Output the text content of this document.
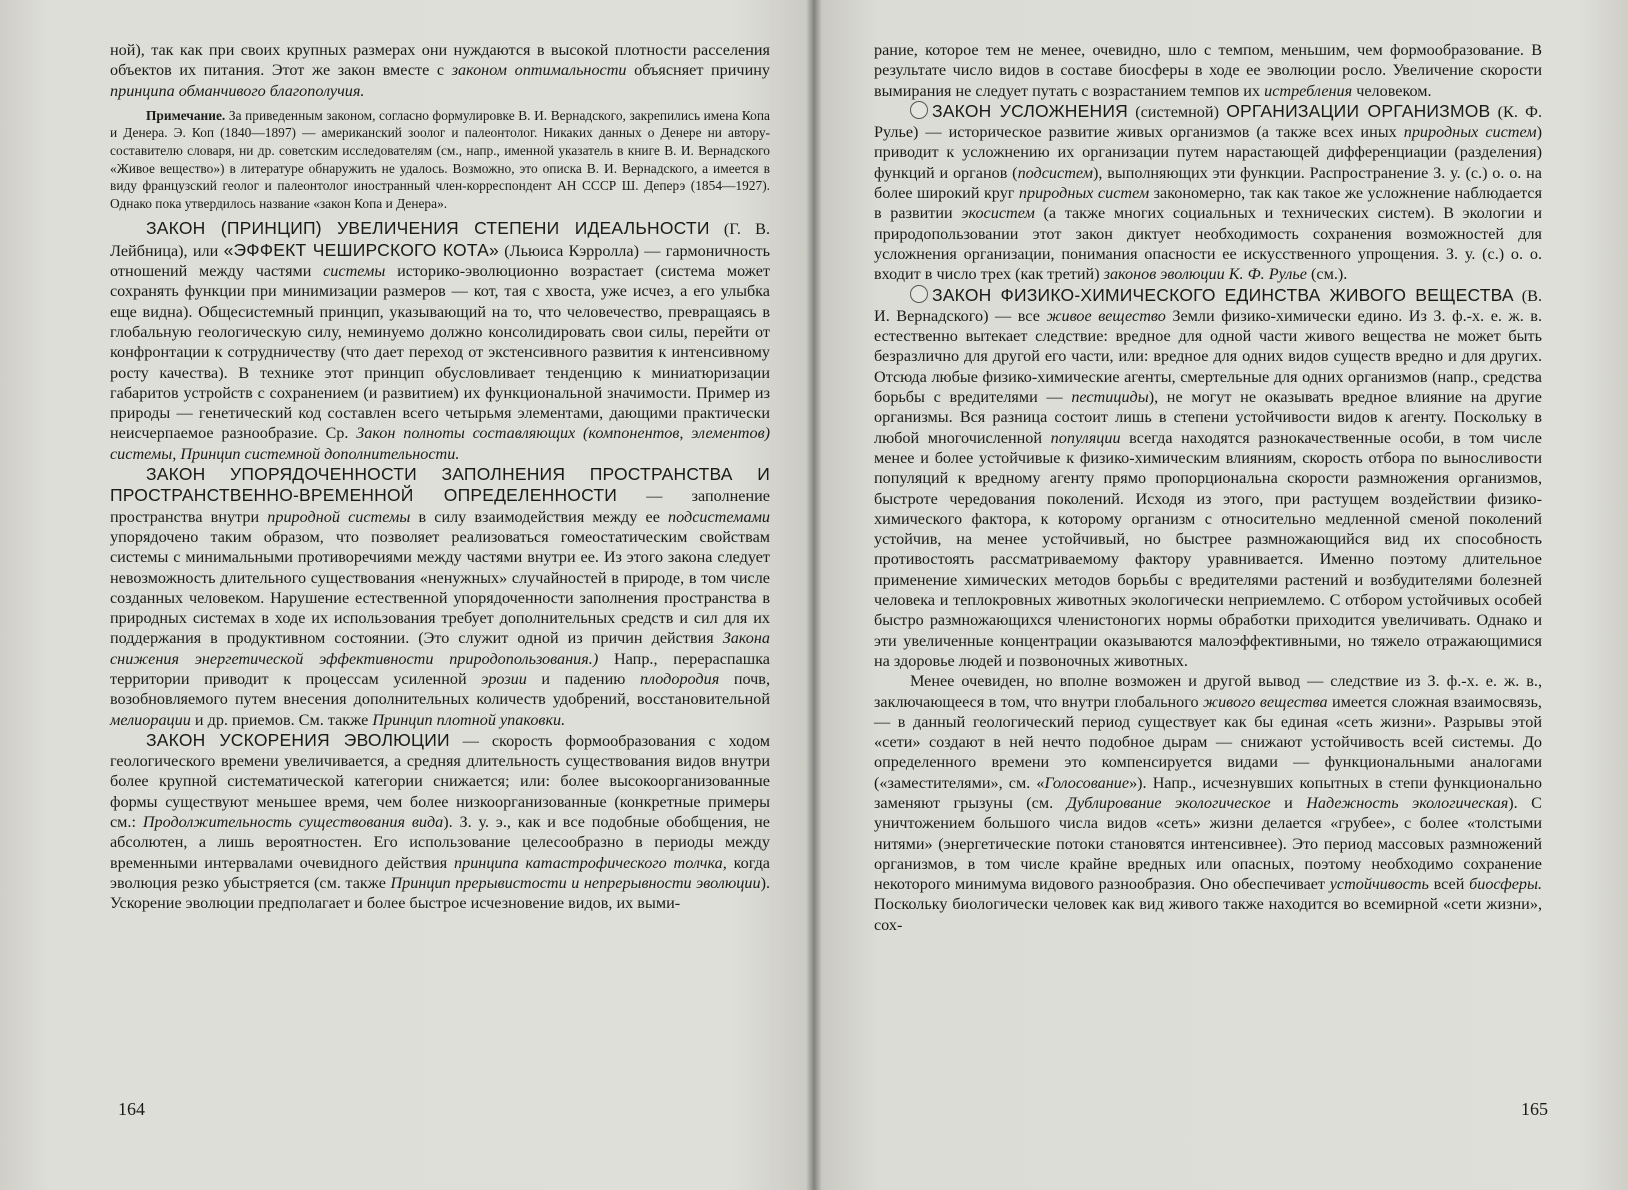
ной), так как при своих крупных размерах они нуждаются в высокой плотности расселения объектов их питания. Этот же закон вместе с законом оптимальности объясняет причину принципа обманчивого благополучия.

Примечание. За приведенным законом, согласно формулировке В. И. Вернадского, закрепились имена Копа и Денера. Э. Коп (1840—1897) — американский зоолог и палеонтолог. Никаких данных о Денере ни автору-составителю словаря, ни др. советским исследователям (см., напр., именной указатель в книге В. И. Вернадского «Живое вещество») в литературе обнаружить не удалось. Возможно, это описка В. И. Вернадского, а имеется в виду французский геолог и палеонтолог иностранный член-корреспондент АН СССР Ш. Деперэ (1854—1927). Однако пока утвердилось название «закон Копа и Денера».

ЗАКОН (ПРИНЦИП) УВЕЛИЧЕНИЯ СТЕПЕНИ ИДЕАЛЬНОСТИ (Г. В. Лейбница), или «ЭФФЕКТ ЧЕШИРСКОГО КОТА» (Льюиса Кэрролла) — гармоничность отношений между частями системы историко-эволюционно возрастает (система может сохранять функции при минимизации размеров — кот, тая с хвоста, уже исчез, а его улыбка еще видна). Общесистемный принцип, указывающий на то, что человечество, превращаясь в глобальную геологическую силу, неминуемо должно консолидировать свои силы, перейти от конфронтации к сотрудничеству (что дает переход от экстенсивного развития к интенсивному росту качества). В технике этот принцип обусловливает тенденцию к миниатюризации габаритов устройств с сохранением (и развитием) их функциональной значимости. Пример из природы — генетический код составлен всего четырьмя элементами, дающими практически неисчерпаемое разнообразие. Ср. Закон полноты составляющих (компонентов, элементов) системы, Принцип системной дополнительности.

ЗАКОН УПОРЯДОЧЕННОСТИ ЗАПОЛНЕНИЯ ПРОСТРАНСТВА И ПРОСТРАНСТВЕННО-ВРЕМЕННОЙ ОПРЕДЕЛЕННОСТИ — заполнение пространства внутри природной системы в силу взаимодействия между ее подсистемами упорядочено таким образом, что позволяет реализоваться гомеостатическим свойствам системы с минимальными противоречиями между частями внутри ее. Из этого закона следует невозможность длительного существования «ненужных» случайностей в природе, в том числе созданных человеком. Нарушение естественной упорядоченности заполнения пространства в природных системах в ходе их использования требует дополнительных средств и сил для их поддержания в продуктивном состоянии. (Это служит одной из причин действия Закона снижения энергетической эффективности природопользования.) Напр., перераспашка территории приводит к процессам усиленной эрозии и падению плодородия почв, возобновляемого путем внесения дополнительных количеств удобрений, восстановительной мелиорации и др. приемов. См. также Принцип плотной упаковки.

ЗАКОН УСКОРЕНИЯ ЭВОЛЮЦИИ — скорость формообразования с ходом геологического времени увеличивается, а средняя длительность существования видов внутри более крупной систематической категории снижается; или: более высокоорганизованные формы существуют меньшее время, чем более низкоорганизованные (конкретные примеры см.: Продолжительность существования вида). З. у. э., как и все подобные обобщения, не абсолютен, а лишь вероятностен. Его использование целесообразно в периоды между временными интервалами очевидного действия принципа катастрофического толчка, когда эволюция резко убыстряется (см. также Принцип прерывистости и непрерывности эволюции). Ускорение эволюции предполагает и более быстрое исчезновение видов, их выми-

164

рание, которое тем не менее, очевидно, шло с темпом, меньшим, чем формообразование. В результате число видов в составе биосферы в ходе ее эволюции росло. Увеличение скорости вымирания не следует путать с возрастанием темпов их истребления человеком.

ЗАКОН УСЛОЖНЕНИЯ (системной) ОРГАНИЗАЦИИ ОРГАНИЗМОВ (К. Ф. Рулье) — историческое развитие живых организмов (а также всех иных природных систем) приводит к усложнению их организации путем нарастающей дифференциации (разделения) функций и органов (подсистем), выполняющих эти функции. Распространение З. у. (с.) о. о. на более широкий круг природных систем закономерно, так как такое же усложнение наблюдается в развитии экосистем (а также многих социальных и технических систем). В экологии и природопользовании этот закон диктует необходимость сохранения возможностей для усложнения организации, понимания опасности ее искусственного упрощения. З. у. (с.) о. о. входит в число трех (как третий) законов эволюции К. Ф. Рулье (см.).

ЗАКОН ФИЗИКО-ХИМИЧЕСКОГО ЕДИНСТВА ЖИВОГО ВЕЩЕСТВА (В. И. Вернадского) — все живое вещество Земли физико-химически едино. Из З. ф.-х. е. ж. в. естественно вытекает следствие: вредное для одной части живого вещества не может быть безразлично для другой его части, или: вредное для одних видов существ вредно и для других. Отсюда любые физико-химические агенты, смертельные для одних организмов (напр., средства борьбы с вредителями — пестициды), не могут не оказывать вредное влияние на другие организмы. Вся разница состоит лишь в степени устойчивости видов к агенту. Поскольку в любой многочисленной популяции всегда находятся разнокачественные особи, в том числе менее и более устойчивые к физико-химическим влияниям, скорость отбора по выносливости популяций к вредному агенту прямо пропорциональна скорости размножения организмов, быстроте чередования поколений. Исходя из этого, при растущем воздействии физико-химического фактора, к которому организм с относительно медленной сменой поколений устойчив, на менее устойчивый, но быстрее размножающийся вид их способность противостоять рассматриваемому фактору уравнивается. Именно поэтому длительное применение химических методов борьбы с вредителями растений и возбудителями болезней человека и теплокровных животных экологически неприемлемо. С отбором устойчивых особей быстро размножающихся членистоногих нормы обработки приходится увеличивать. Однако и эти увеличенные концентрации оказываются малоэффективными, но тяжело отражающимися на здоровье людей и позвоночных животных.

Менее очевиден, но вполне возможен и другой вывод — следствие из З. ф.-х. е. ж. в., заключающееся в том, что внутри глобального живого вещества имеется сложная взаимосвязь,— в данный геологический период существует как бы единая «сеть жизни». Разрывы этой «сети» создают в ней нечто подобное дырам — снижают устойчивость всей системы. До определенного времени это компенсируется видами — функциональными аналогами («заместителями», см. «Голосование»). Напр., исчезнувших копытных в степи функционально заменяют грызуны (см. Дублирование экологическое и Надежность экологическая). С уничтожением большого числа видов «сеть» жизни делается «грубее», с более «толстыми нитями» (энергетические потоки становятся интенсивнее). Это период массовых размножений организмов, в том числе крайне вредных или опасных, поэтому необходимо сохранение некоторого минимума видового разнообразия. Оно обеспечивает устойчивость всей биосферы. Поскольку биологически человек как вид живого также находится во всемирной «сети жизни», сох-

165
